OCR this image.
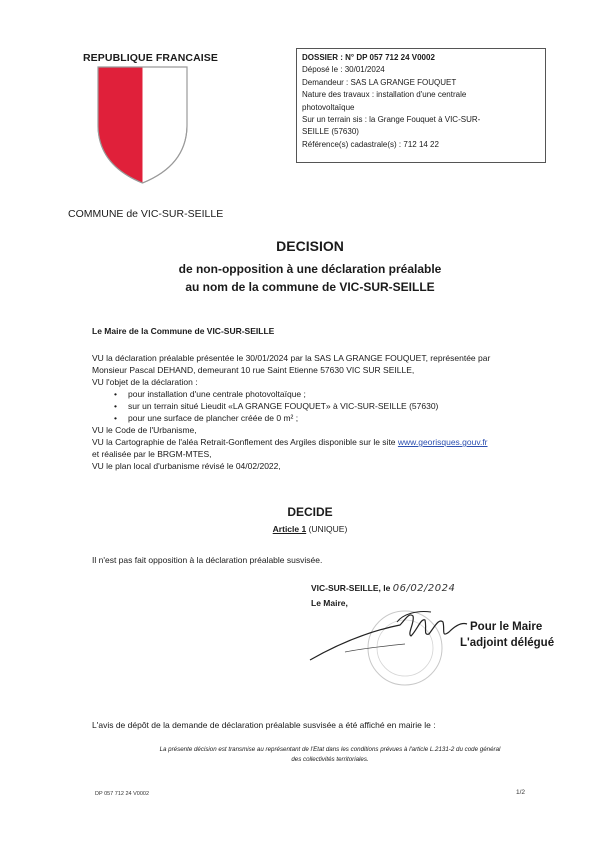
REPUBLIQUE FRANCAISE	DOSSIER : N° DP 057 712 24 V0002
Déposé le : 30/01/2024
Demandeur : SAS LA GRANGE FOUQUET
Nature des travaux : installation d'une centrale
photovoltaïque
Sur un terrain sis : la Grange Fouquet à VIC-SUR-
SEILLE (57630)
Référence(s) cadastrale(s) : 712 14 22
COMMUNE de VIC-SUR-SEILLE
DECISION
de non-opposition à une déclaration préalable
au nom de la commune de VIC-SUR-SEILLE
Le Maire de la Commune de VIC-SUR-SEILLE

VU la déclaration préalable présentée le 30/01/2024 par la SAS LA GRANGE FOUQUET, représentée par

Monsieur Pascal DEHAND, demeurant 10 rue Saint Etienne 57630 VIC SUR SEILLE,

VU l'objet de la déclaration :

• pour installation d'une centrale photovoltaïque ;
• sur un terrain situé Lieudit «LA GRANGE FOUQUET» à VIC-SUR-SEILLE (57630)
• pour une surface de plancher créée de 0 m² ;

VU le Code de l'Urbanisme,

VU la Cartographie de l'aléa Retrait-Gonflement des Argiles disponible sur le site www.georisques.gouv.fr

et réalisée par le BRGM-MTES,

VU le plan local d'urbanisme révisé le 04/02/2022,

DECIDE
Article 1 (UNIQUE)
Il n'est pas fait opposition à la déclaration préalable susvisée.
VIC-SUR-SEILLE, le 06/02/2024
Le Maire,
Pour le Maire
L'adjoint délégué
L'avis de dépôt de la demande de déclaration préalable susvisée a été affiché en mairie le :
La présente décision est transmise au représentant de l'Etat dans les conditions prévues à l'article L.2131-2 du code général
des collectivités territoriales.
DP 057 712 24 V0002	1/2
